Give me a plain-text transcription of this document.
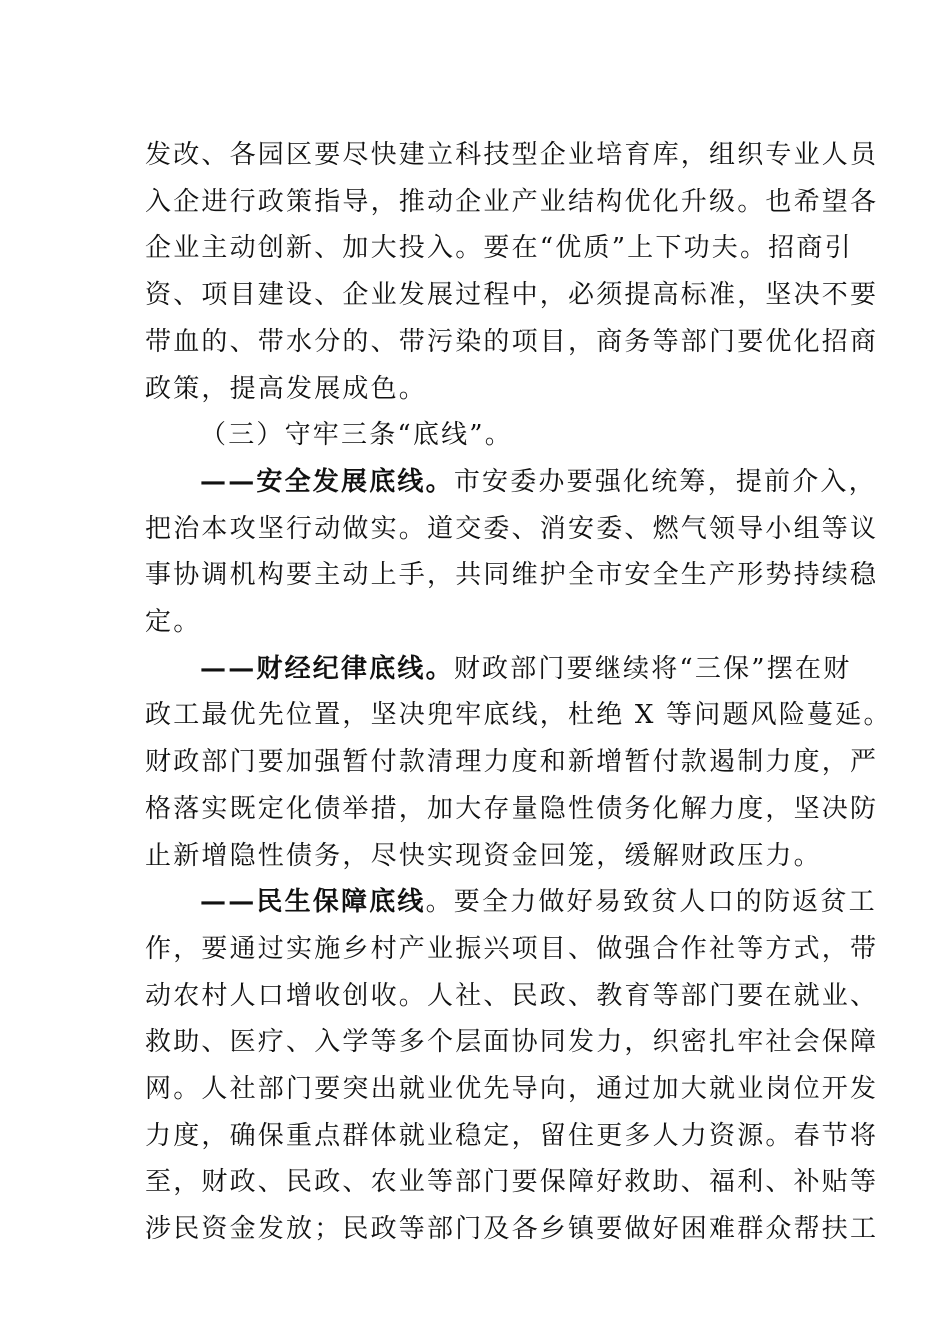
发改、各园区要尽快建立科技型企业培育库，组织专业人员
入企进行政策指导，推动企业产业结构优化升级。也希望各
企业主动创新、加大投入。要在“优质”上下功夫。招商引
资、项目建设、企业发展过程中，必须提高标准，坚决不要
带血的、带水分的、带污染的项目，商务等部门要优化招商
政策，提高发展成色。
（三）守牢三条“底线”。
——安全发展底线。市安委办要强化统筹，提前介入，
把治本攻坚行动做实。道交委、消安委、燃气领导小组等议
事协调机构要主动上手，共同维护全市安全生产形势持续稳
定。
——财经纪律底线。财政部门要继续将“三保”摆在财
政工最优先位置，坚决兜牢底线，杜绝 X 等问题风险蔓延。
财政部门要加强暂付款清理力度和新增暂付款遏制力度，严
格落实既定化债举措，加大存量隐性债务化解力度，坚决防
止新增隐性债务，尽快实现资金回笼，缓解财政压力。
——民生保障底线。要全力做好易致贫人口的防返贫工
作，要通过实施乡村产业振兴项目、做强合作社等方式，带
动农村人口增收创收。人社、民政、教育等部门要在就业、
救助、医疗、入学等多个层面协同发力，织密扎牢社会保障
网。人社部门要突出就业优先导向，通过加大就业岗位开发
力度，确保重点群体就业稳定，留住更多人力资源。春节将
至，财政、民政、农业等部门要保障好救助、福利、补贴等
涉民资金发放；民政等部门及各乡镇要做好困难群众帮扶工
